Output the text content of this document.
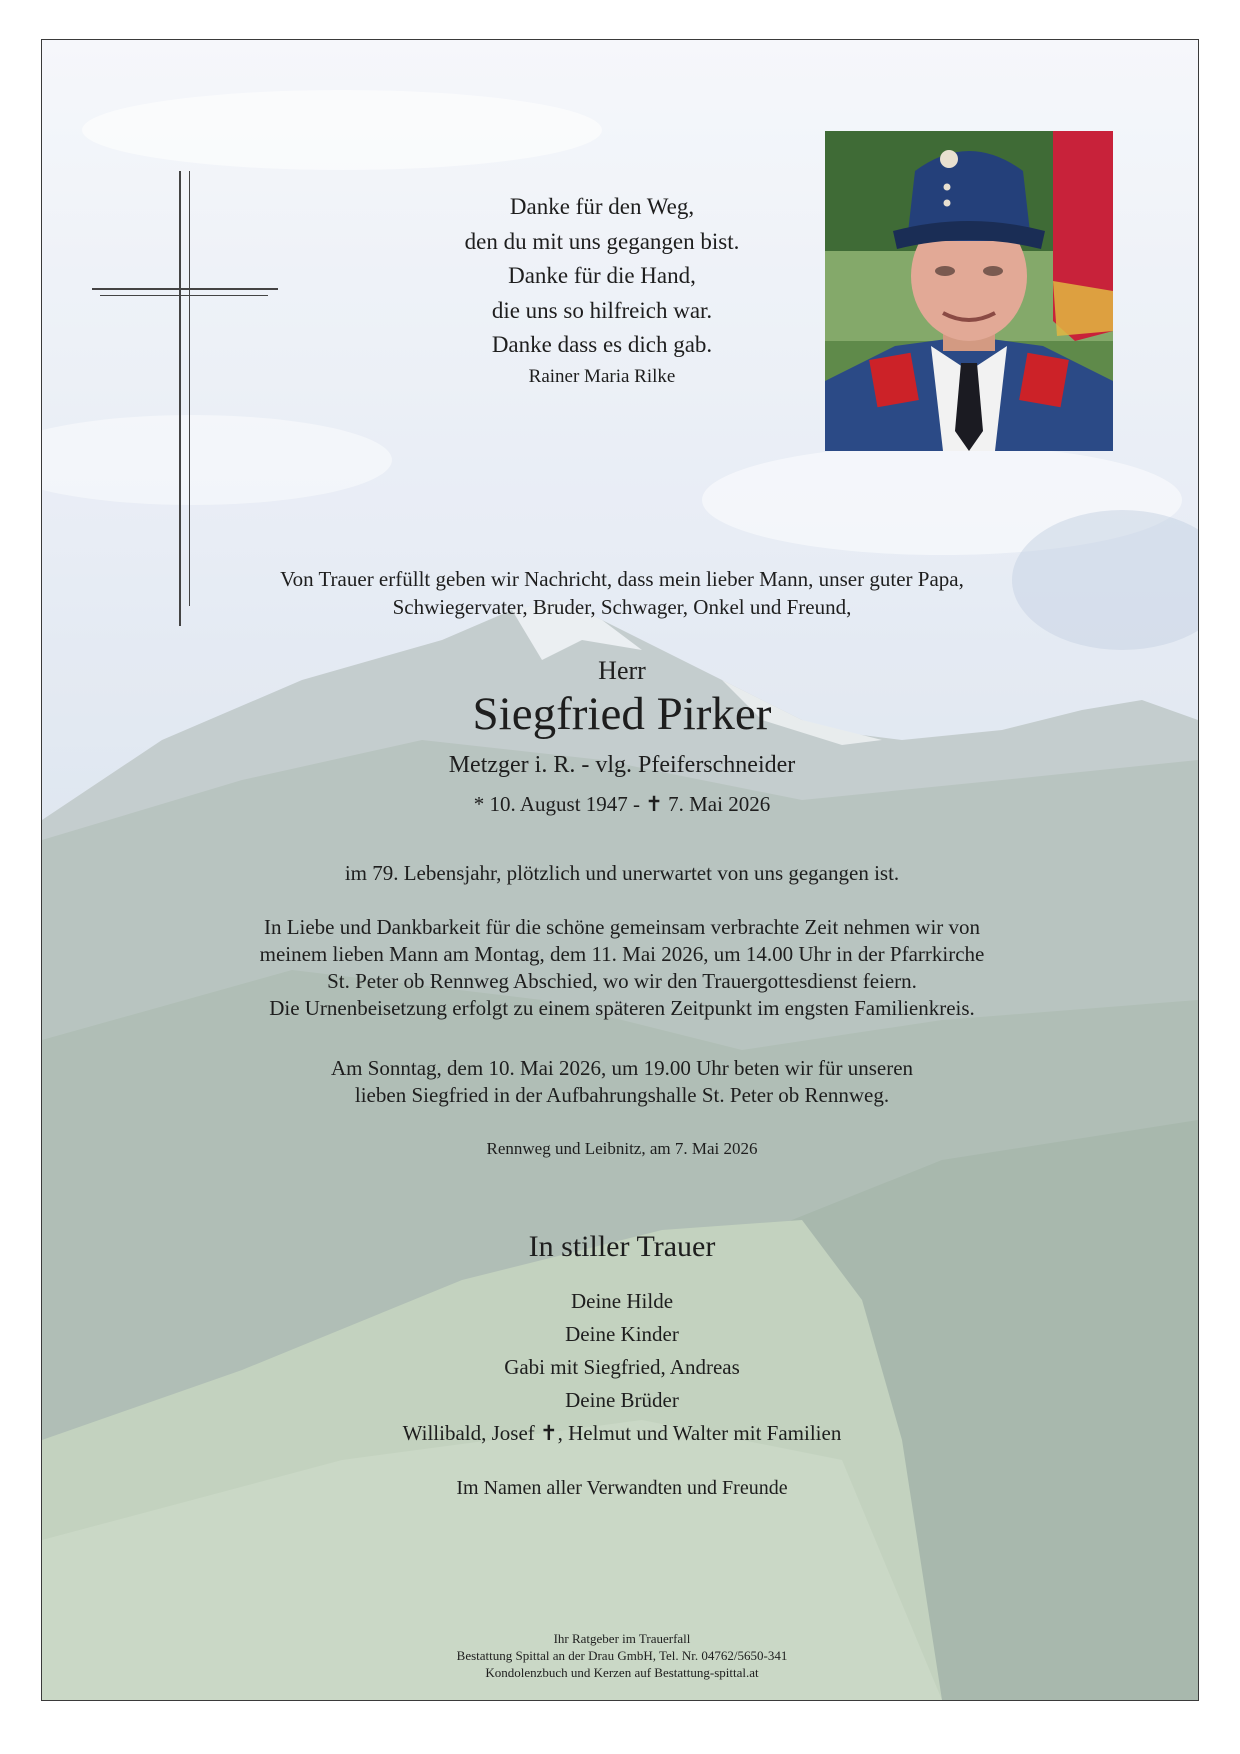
Danke für den Weg,
den du mit uns gegangen bist.
Danke für die Hand,
die uns so hilfreich war.
Danke dass es dich gab.
Rainer Maria Rilke
Von Trauer erfüllt geben wir Nachricht, dass mein lieber Mann, unser guter Papa,
Schwiegervater, Bruder, Schwager, Onkel und Freund,
Herr
Siegfried Pirker
Metzger i. R. - vlg. Pfeiferschneider
* 10. August 1947 - ✝ 7. Mai 2026
im 79. Lebensjahr, plötzlich und unerwartet von uns gegangen ist.
In Liebe und Dankbarkeit für die schöne gemeinsam verbrachte Zeit nehmen wir von
meinem lieben Mann am Montag, dem 11. Mai 2026, um 14.00 Uhr in der Pfarrkirche
St. Peter ob Rennweg Abschied, wo wir den Trauergottesdienst feiern.
Die Urnenbeisetzung erfolgt zu einem späteren Zeitpunkt im engsten Familienkreis.
Am Sonntag, dem 10. Mai 2026, um 19.00 Uhr beten wir für unseren
lieben Siegfried in der Aufbahrungshalle St. Peter ob Rennweg.
Rennweg und Leibnitz, am 7. Mai 2026
In stiller Trauer
Deine Hilde
Deine Kinder
Gabi mit Siegfried, Andreas
Deine Brüder
Willibald, Josef ✝, Helmut und Walter mit Familien
Im Namen aller Verwandten und Freunde
Ihr Ratgeber im Trauerfall
Bestattung Spittal an der Drau GmbH, Tel. Nr. 04762/5650-341
Kondolenzbuch und Kerzen auf Bestattung-spittal.at
